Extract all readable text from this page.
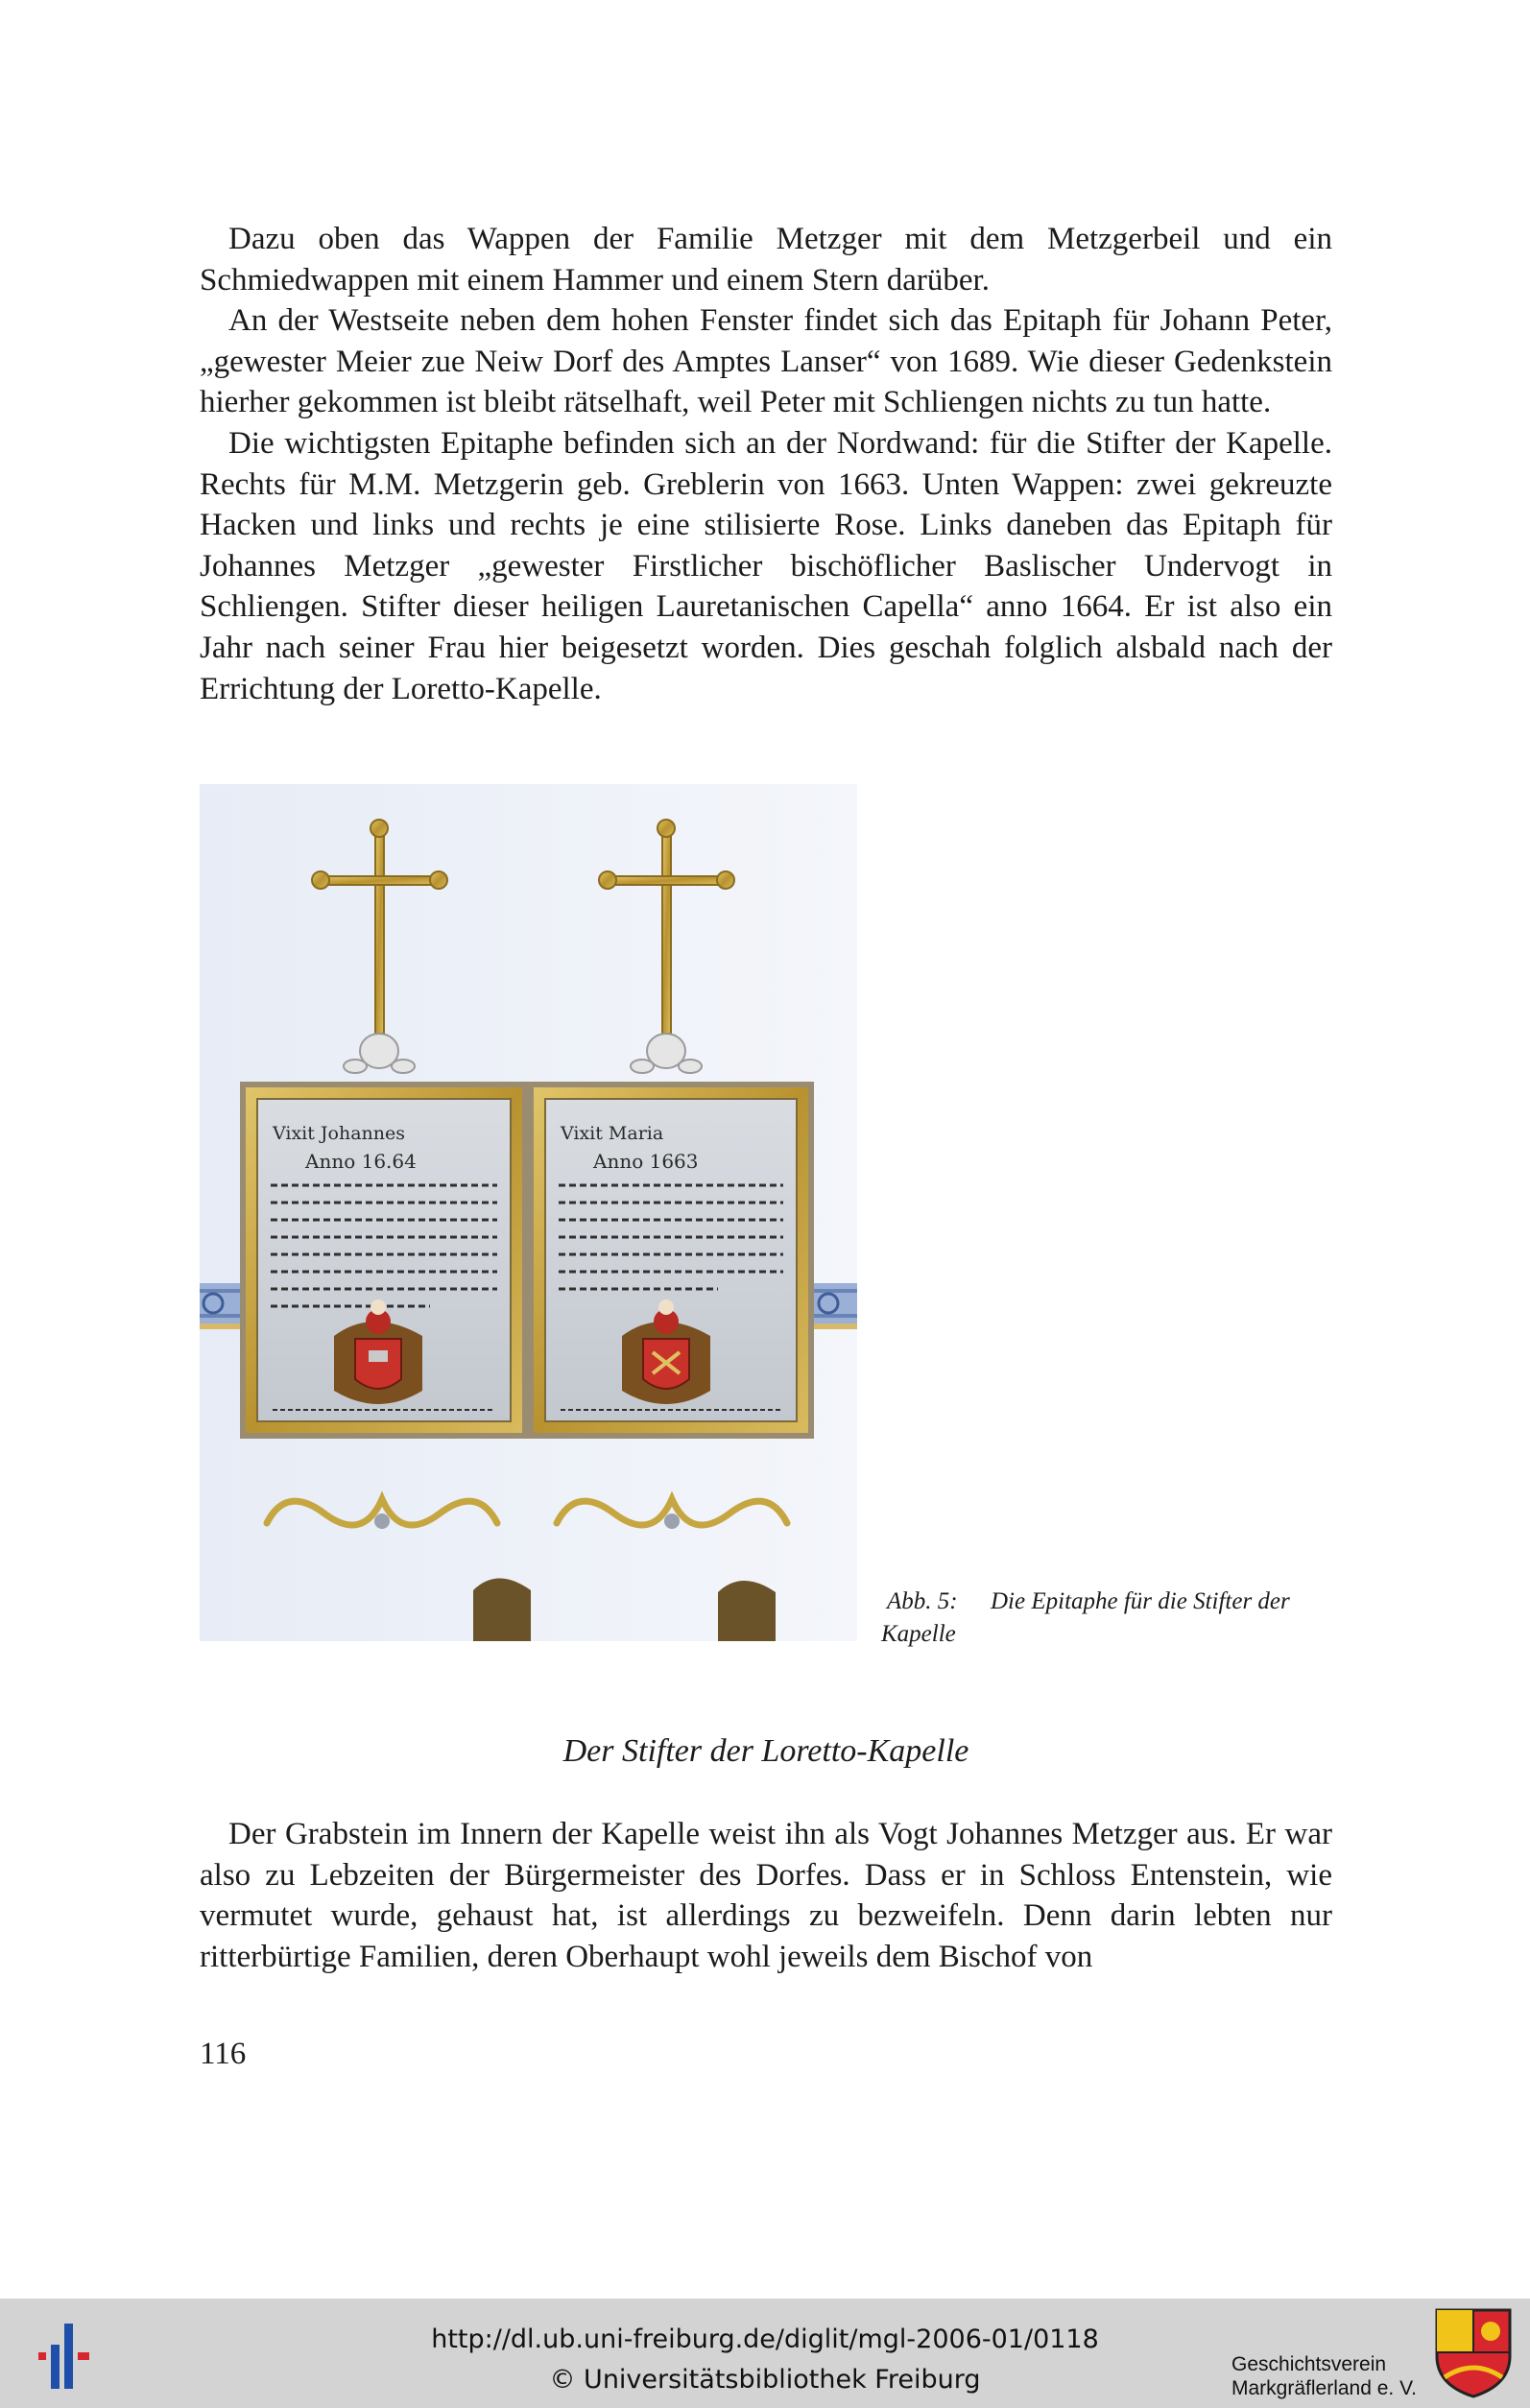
Dazu oben das Wappen der Familie Metzger mit dem Metzgerbeil und ein Schmiedwappen mit einem Hammer und einem Stern darüber.

An der Westseite neben dem hohen Fenster findet sich das Epitaph für Johann Peter, „gewester Meier zue Neiw Dorf des Amptes Lanser“ von 1689. Wie dieser Gedenkstein hierher gekommen ist bleibt rätselhaft, weil Peter mit Schliengen nichts zu tun hatte.

Die wichtigsten Epitaphe befinden sich an der Nordwand: für die Stifter der Kapelle. Rechts für M.M. Metzgerin geb. Greblerin von 1663. Unten Wappen: zwei gekreuzte Hacken und links und rechts je eine stilisierte Rose. Links daneben das Epitaph für Johannes Metzger „gewester Firstlicher bischöflicher Baslischer Undervogt in Schliengen. Stifter dieser heiligen Lauretanischen Capella“ anno 1664. Er ist also ein Jahr nach seiner Frau hier beigesetzt worden. Dies geschah folglich alsbald nach der Errichtung der Loretto-Kapelle.

Vixit Johannes	Vixit Maria
Anno 16.64	Anno 1663
Abb. 5: Die Epitaphe für die Stifter der Kapelle
Der Stifter der Loretto-Kapelle

Der Grabstein im Innern der Kapelle weist ihn als Vogt Johannes Metzger aus. Er war also zu Lebzeiten der Bürgermeister des Dorfes. Dass er in Schloss Entenstein, wie vermutet wurde, gehaust hat, ist allerdings zu bezweifeln. Denn darin lebten nur ritterbürtige Familien, deren Oberhaupt wohl jeweils dem Bischof von

116
http://dl.ub.uni-freiburg.de/diglit/mgl-2006-01/0118
© Universitätsbibliothek Freiburg
Geschichtsverein
Markgräflerland e. V.
